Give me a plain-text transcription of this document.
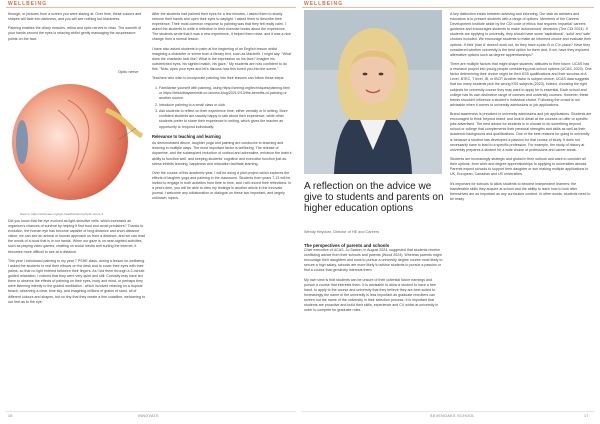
WELLBEING	WELLBEING

through, or pictures from a screen you were staring at. Over time, these colours and shapes will fade into darkness, and you will see nothing but blackness.

Palming enables the ciliary muscles, retina and optic nerves to relax. The warmth of your hands around the eyes is relaxing whilst gently massaging the acupressure points on the face.

Optic nerve
Source: https://www.aao.org/eye-health/anatomy/optic-nerve-3

Did you know that the eye evolved as light-sensitive cells, which increased an organism's chances of survival by helping it find food and avoid predators? Thanks to evolution, the human eye has become capable of long-distance and short-distance vision; we can see an animal or human approach us from a distance, and we can read the words of a book that is in our hands. When our gaze is on near-sighted activities, such as playing video games, chatting on social media and surfing the internet, it becomes more difficult to see at a distance.

This year I introduced palming to my year 7 PSHE class, during a lesson on wellbeing. I asked the students to rest their elbows on the desk and to cover their eyes with their palms, so that no light entered between their fingers. As I led them through a 2-minute guided relaxation, I noticed that they were very quiet and still. Curiosity may have led them to observe the effects of palming on their eyes, body and mind, or perhaps they were listening intently to the guided meditation - which involved relaxing on a tropical beach, observing a clear, blue sky, and imagining millions of grains of sand, all of different colours and shapes, but so tiny that they create a fine coastline, welcoming to our feet as to the eye.

After the students had palmed their eyes for a few minutes, I asked them to slowly remove their hands and open their eyes to daylight. I asked them to describe their experience. Their most common response to palming was that they felt really calm. I asked the students to write a reflection in their exercise books about the experience. The students wrote that it was a new experience, it helped them relax, and it was a nice change from a normal lesson.

I have also asked students to palm at the beginning of an English lesson whilst imagining a character or scene from a literary text, such as Macbeth. I might say: "What does the character look like? What is the expression on his face? Imagine his outstretched eyes, his sighted match, his gaze." My students are now confident to do this. "Now, open your eyes and let's discuss how this tuned you into the scene."

Teachers who wish to incorporate palming into their lessons can follow these steps:

1. Familiarise yourself with palming, using https://seeing.org/techniques/palming.html or https://bristolbayseeimile.co.uk/new-blog/2021/2/10/the-benefits-of-palming or another source.
2. Introduce palming to a small class or club.
3. Ask students to reflect on their experience time, either verbally or in writing. More confident students are usually happy to talk about their experience, while other students prefer to share their experience in writing, which gives the teacher an opportunity to respond individually.
Relevance to teaching and learning

As demonstrated above, laughter yoga and palming are conducive to teaching and learning in multiple ways. The most important factor is wellbeing. The release of dopamine, and the subsequent reduction of cortisol and adrenaline, enhance the brain's ability to function well, and keeping students' cognitive and executive function just as stress inhibits learning, happiness and relaxation facilitate learning.

Over the course of this academic year, I will be doing a pilot project which explores the effects of laughter yoga and palming in the classroom. Students from years 7-13 will be invited to engage in both activities from time to time, and I will record their reflections. In a year's time, you will be able to view my findings in another article in the Innovate journal. I welcome any collaboration or dialogue on these two important, and largely unknown, topics.

A reflection on the advice we give to students and parents on higher education options
Wendy Heydorn, Director of HE and Careers
The perspectives of parents and schools

Chief executive of UCAS, Jo Saxton, in August 2024, suggested that students receive conflicting advice from their schools and parents (Wood 2024). Whereas parents might encourage their daughters and sons to pursue a university degree course most likely to secure a high salary, schools are more likely to advise students to pursue a passion or find a course that genuinely interests them.

My own view is that students can be unsure of their potential future earnings and pursue a course that interests them. It is advisable to allow a student to have a free hand, to apply to the course and university that they believe they are best suited to. Increasingly the name of the university is less important as graduate recruiters can screen out the name of the university in their selection process. It is important that students are proactive and build their skills, experience and CV whilst at university in order to compete for graduate roles.

A key distinction exists between advising and informing. Our task as advisers and educators is to present students with a range of options. Members of the Careers Development Institute abide by the CDI code of ethics that requires 'impartial' careers guidance and encourages students to make 'autonomous' decisions (The CDI 2024). If students are applying to university, they should have some 'aspirational', 'solid' and 'safe' choices included. We encourage students to make an informed choice and evaluate their options. If their 'plan A' doesn't work out, do they have a plan B or C in place? Have they considered whether university is the best option for them and, if not, have they explored alternative options such as degree apprenticeships?

There are multiple factors that might shape students' attitudes to their future. UCAS has a research project into young people considering post-school options (UCAS, 2023). One factor determining their choice might be their KS5 qualifications and their success at A Level, BTEC, T level, IB, or IBCP. Another factor is subject choice; UCAS data suggests that too many students pick the wrong KS5 subjects (2023), indeed, choosing the right subjects for university course they may want to apply for is essential. Each school and college has its own distinctive range of courses and university courses. However, these trends shouldn't influence a student's individual choice. Following the crowd is not advisable when it comes to university admissions or job applications.

Brand awareness is prevalent in university admissions and job applications. Students are encouraged to think 'beyond brand' and look in detail at the courses on offer or specific jobs advertised. The best advice for students is to choose to do something beyond school or college that complements their personal strengths and skills as well as their academic background and qualifications. One of the best reasons for going to university is because a student has developed a passion for that course of study. It does not necessarily have to lead to a specific profession. For example, the study of history at university prepares a student for a wide choice of professions and career areas.

Students are increasingly strategic and global in their outlook and want to consider all their options, from work and degree apprenticeships to applying to universities abroad. Parents expect schools to support their daughter or son making multiple applications to UK, European, Canadian and US universities.

It's important for schools to allow students to become independent learners: the transferable skills they acquire at school and the ability to learn how to look after themselves are as important as any curriculum content. In other words, students need to be ready

16	INNOVATE	SEVENOAKS SCHOOL	17
